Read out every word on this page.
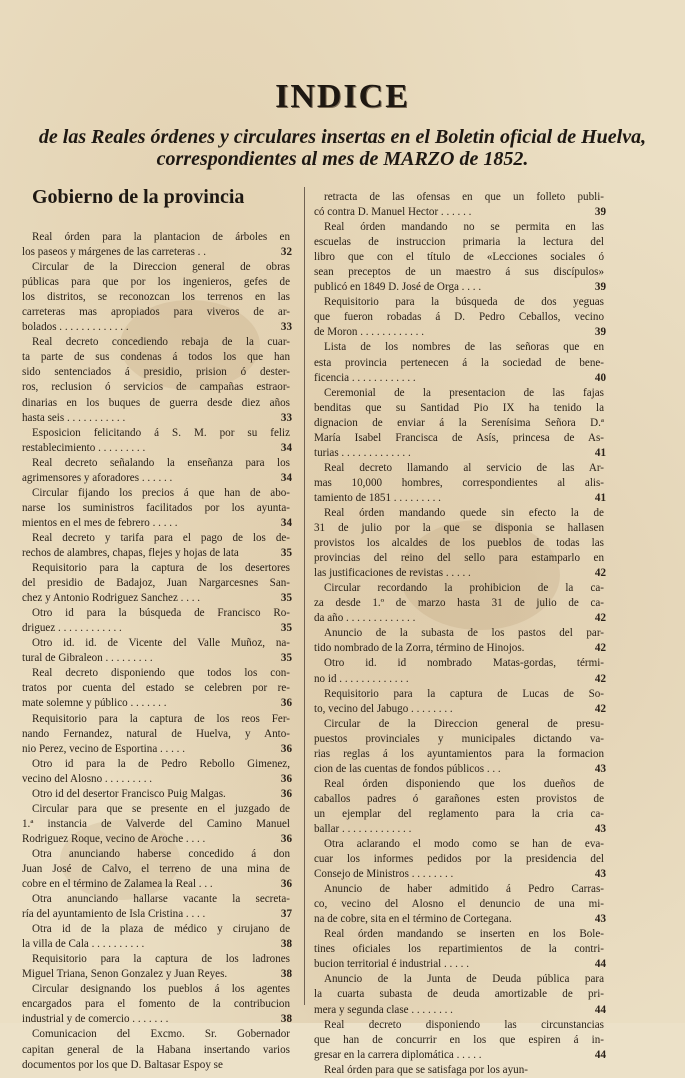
INDICE
de las Reales órdenes y circulares insertas en el Boletin oficial de Huelva, correspondientes al mes de MARZO de 1852.
Gobierno de la provincia
Real órden para la plantacion de árboles en
los paseos y márgenes de las carreteras . .	32
Circular de la Direccion general de obras
públicas para que por los ingenieros, gefes de
los distritos, se reconozcan los terrenos en las
carreteras mas apropiados para viveros de ar-
bolados . . . . . . . . . . . . .	33
Real decreto concediendo rebaja de la cuar-
ta parte de sus condenas á todos los que han
sido sentenciados á presidio, prision ó dester-
ros, reclusion ó servicios de campañas estraor-
dinarias en los buques de guerra desde diez años
hasta seis . . . . . . . . . . .	33
Esposicion felicitando á S. M. por su feliz
restablecimiento . . . . . . . . .	34
Real decreto señalando la enseñanza para los
agrimensores y aforadores . . . . . .	34
Circular fijando los precios á que han de abo-
narse los suministros facilitados por los ayunta-
mientos en el mes de febrero . . . . .	34
Real decreto y tarifa para el pago de los de-
rechos de alambres, chapas, flejes y hojas de lata	35
Requisitorio para la captura de los desertores
del presidio de Badajoz, Juan Nargarcesnes San-
chez y Antonio Rodriguez Sanchez . . . .	35
Otro id para la búsqueda de Francisco Ro-
driguez . . . . . . . . . . . .	35
Otro id. id. de Vicente del Valle Muñoz, na-
tural de Gibraleon . . . . . . . . .	35
Real decreto disponiendo que todos los con-
tratos por cuenta del estado se celebren por re-
mate solemne y público . . . . . . .	36
Requisitorio para la captura de los reos Fer-
nando Fernandez, natural de Huelva, y Anto-
nio Perez, vecino de Esportina . . . . .	36
Otro id para la de Pedro Rebollo Gimenez,
vecino del Alosno . . . . . . . . .	36
Otro id del desertor Francisco Puig Malgas.	36
Circular para que se presente en el juzgado de
1.ª instancia de Valverde del Camino Manuel
Rodriguez Roque, vecino de Aroche . . . .	36
Otra anunciando haberse concedido á don
Juan José de Calvo, el terreno de una mina de
cobre en el término de Zalamea la Real . . .	36
Otra anunciando hallarse vacante la secreta-
ría del ayuntamiento de Isla Cristina . . . .	37
Otra id de la plaza de médico y cirujano de
la villa de Cala . . . . . . . . . .	38
Requisitorio para la captura de los ladrones
Miguel Triana, Senon Gonzalez y Juan Reyes.	38
Circular designando los pueblos á los agentes
encargados para el fomento de la contribucion
industrial y de comercio . . . . . . .	38
Comunicacion del Excmo. Sr. Gobernador
capitan general de la Habana insertando varios
documentos por los que D. Baltasar Espoy se
retracta de las ofensas en que un folleto publi-
có contra D. Manuel Hector . . . . . .	39
Real órden mandando no se permita en las
escuelas de instruccion primaria la lectura del
libro que con el título de «Lecciones sociales ó
sean preceptos de un maestro á sus discípulos»
publicó en 1849 D. José de Orga . . . .	39
Requisitorio para la búsqueda de dos yeguas
que fueron robadas á D. Pedro Ceballos, vecino
de Moron . . . . . . . . . . . .	39
Lista de los nombres de las señoras que en
esta provincia pertenecen á la sociedad de bene-
ficencia . . . . . . . . . . . .	40
Ceremonial de la presentacion de las fajas
benditas que su Santidad Pio IX ha tenido la
dignacion de enviar á la Serenísima Señora D.ª
María Isabel Francisca de Asís, princesa de As-
turias . . . . . . . . . . . . .	41
Real decreto llamando al servicio de las Ar-
mas 10,000 hombres, correspondientes al alis-
tamiento de 1851 . . . . . . . . .	41
Real órden mandando quede sin efecto la de
31 de julio por la que se disponia se hallasen
provistos los alcaldes de los pueblos de todas las
provincias del reino del sello para estamparlo en
las justificaciones de revistas . . . . .	42
Circular recordando la prohibicion de la ca-
za desde 1.º de marzo hasta 31 de julio de ca-
da año . . . . . . . . . . . . .	42
Anuncio de la subasta de los pastos del par-
tido nombrado de la Zorra, término de Hinojos.	42
Otro id. id nombrado Matas-gordas, térmi-
no id . . . . . . . . . . . . .	42
Requisitorio para la captura de Lucas de So-
to, vecino del Jabugo . . . . . . . .	42
Circular de la Direccion general de presu-
puestos provinciales y municipales dictando va-
rias reglas á los ayuntamientos para la formacion
cion de las cuentas de fondos públicos . . .	43
Real órden disponiendo que los dueños de
caballos padres ó garañones esten provistos de
un ejemplar del reglamento para la cria ca-
ballar . . . . . . . . . . . . .	43
Otra aclarando el modo como se han de eva-
cuar los informes pedidos por la presidencia del
Consejo de Ministros . . . . . . . .	43
Anuncio de haber admitido á Pedro Carras-
co, vecino del Alosno el denuncio de una mi-
na de cobre, sita en el término de Cortegana.	43
Real órden mandando se inserten en los Bole-
tines oficiales los repartimientos de la contri-
bucion territorial é industrial . . . . .	44
Anuncio de la Junta de Deuda pública para
la cuarta subasta de deuda amortizable de pri-
mera y segunda clase . . . . . . . .	44
Real decreto disponiendo las circunstancias
que han de concurrir en los que espiren á in-
gresar en la carrera diplomática . . . . .	44
Real órden para que se satisfaga por los ayun-
